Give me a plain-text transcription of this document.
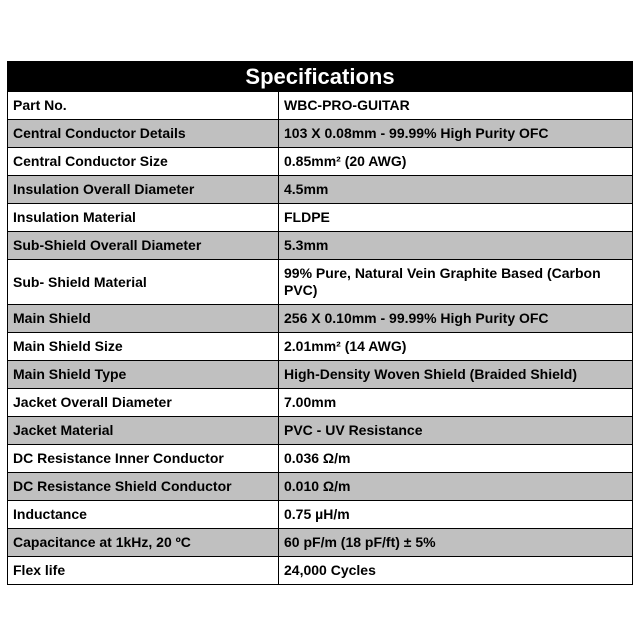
Specifications	
Part No.	WBC-PRO-GUITAR
Central Conductor Details	103 X 0.08mm - 99.99% High Purity OFC
Central Conductor Size	0.85mm² (20 AWG)
Insulation Overall Diameter	4.5mm
Insulation Material	FLDPE
Sub-Shield Overall Diameter	5.3mm
Sub- Shield Material	99% Pure, Natural Vein Graphite Based (Carbon PVC)
Main Shield	256 X 0.10mm - 99.99% High Purity OFC
Main Shield Size	2.01mm² (14 AWG)
Main Shield Type	High-Density Woven Shield (Braided Shield)
Jacket Overall Diameter	7.00mm
Jacket Material	PVC - UV Resistance
DC Resistance Inner Conductor	0.036 Ω/m
DC Resistance Shield Conductor	0.010 Ω/m
Inductance	0.75 µH/m
Capacitance at 1kHz, 20 ºC	60 pF/m (18 pF/ft) ± 5%
Flex life	24,000 Cycles
